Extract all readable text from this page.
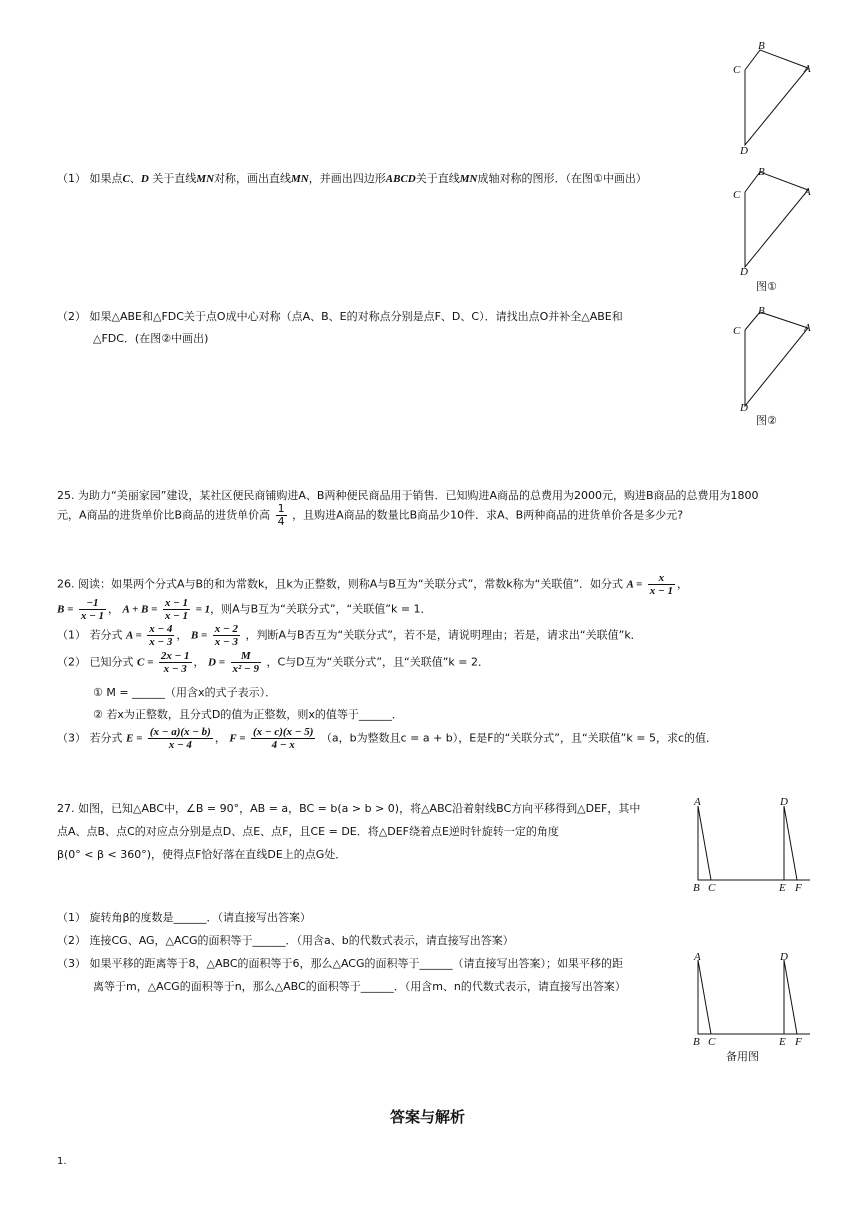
B
C	A
D
B
C	A
D
图①
B
C	A
D
图②
（1） 如果点C、D 关于直线MN对称，画出直线MN，并画出四边形ABCD关于直线MN成轴对称的图形．（在图①中画出）
（2） 如果△ABE和△FDC关于点O成中心对称（点A、B、E的对称点分别是点F、D、C）．请找出点O并补全△ABE和
△FDC．(在图②中画出)
25. 为助力“美丽家园”建设，某社区便民商铺购进A、B两种便民商品用于销售．已知购进A商品的总费用为2000元，购进B商品的总费用为1800
元，A商品的进货单价比B商品的进货单价高 $\frac{1}{4}$ ，且购进A商品的数量比B商品少10件．求A、B两种商品的进货单价各是多少元?
26. 阅读：如果两个分式A与B的和为常数k，且k为正整数，则称A与B互为“关联分式”，常数k称为“关联值”．如分式 $A = \frac{x}{x - 1}$ ，
$B = \frac{-1}{x - 1}$ ， $A + B = \frac{x - 1}{x - 1} = 1$，则A与B互为“关联分式”，“关联值”k = 1．
（1） 若分式 $A = \frac{x - 4}{x - 3}$ ， $B = \frac{x - 2}{x - 3}$ ，判断A与B否互为“关联分式”，若不是，请说明理由；若是，请求出“关联值”k．
（2） 已知分式 $C = \frac{2x - 1}{x - 3}$ ， $D = \frac{M}{\text{x² − 9}}$ ，C与D互为“关联分式”，且“关联值”k = 2．
① M = ______（用含x的式子表示）．
② 若x为正整数，且分式D的值为正整数，则x的值等于______．
（3） 若分式 $E = \frac{(x - a)(x - b)}{x - 4}$ ， $F = \frac{(x - c)(x - 5)}{4 - x} (a$，b为整数且c = a + b），E是F的“关联分式”，且“关联值”k = 5，求c的值．
27. 如图，已知△ABC中，∠B = 90°，AB = a，BC = b(a > b > 0)，将△ABC沿着射线BC方向平移得到△DEF，其中
点A、点B、点C的对应点分别是点D、点E、点F，且CE = DE．将△DEF绕着点E逆时针旋转一定的角度
β(0° < β < 360°)，使得点F恰好落在直线DE上的点G处．
（1） 旋转角β的度数是______．（请直接写出答案）
（2） 连接CG、AG，△ACG的面积等于______．（用含a、b的代数式表示，请直接写出答案）
（3） 如果平移的距离等于8，△ABC的面积等于6，那么△ACG的面积等于______（请直接写出答案）；如果平移的距
离等于m，△ACG的面积等于n，那么△ABC的面积等于______．（用含m、n的代数式表示，请直接写出答案）
A	D
B C	E F
A	D
B C	E F
备用图
答案与解析
1.
